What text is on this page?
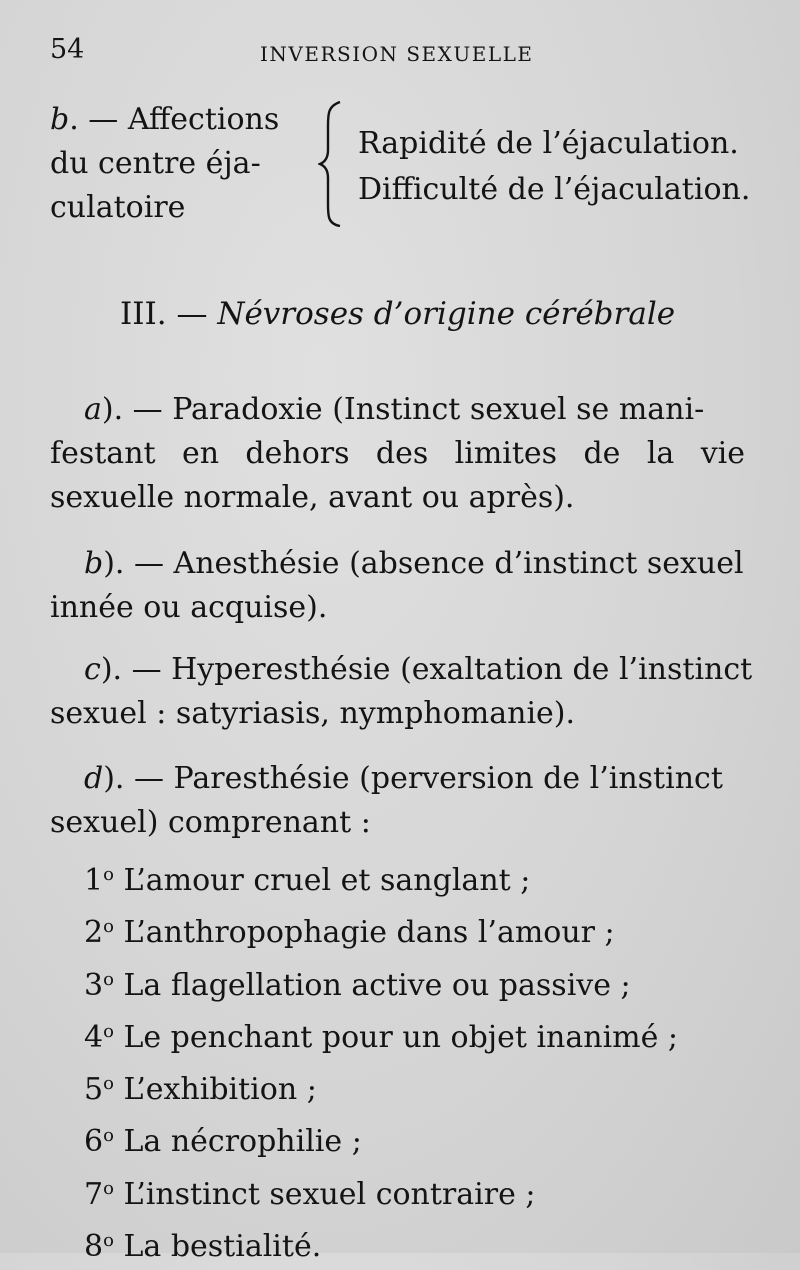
54	INVERSION SEXUELLE
b. — Affections
du centre éja-
culatoire
Rapidité de l’éjaculation.
Difficulté de l’éjaculation.
III. — Névroses d’origine cérébrale
a). — Paradoxie (Instinct sexuel se mani-
festant en dehors des limites de la vie
sexuelle normale, avant ou après).
b). — Anesthésie (absence d’instinct sexuel
innée ou acquise).
c). — Hyperesthésie (exaltation de l’instinct
sexuel : satyriasis, nymphomanie).
d). — Paresthésie (perversion de l’instinct
sexuel) comprenant :
1$^o$ L’amour cruel et sanglant ;
2$^o$ L’anthropophagie dans l’amour ;
3$^o$ La flagellation active ou passive ;
4$^o$ Le penchant pour un objet inanimé ;
5$^o$ L’exhibition ;
6$^o$ La nécrophilie ;
7$^o$ L’instinct sexuel contraire ;
8$^o$ La bestialité.
